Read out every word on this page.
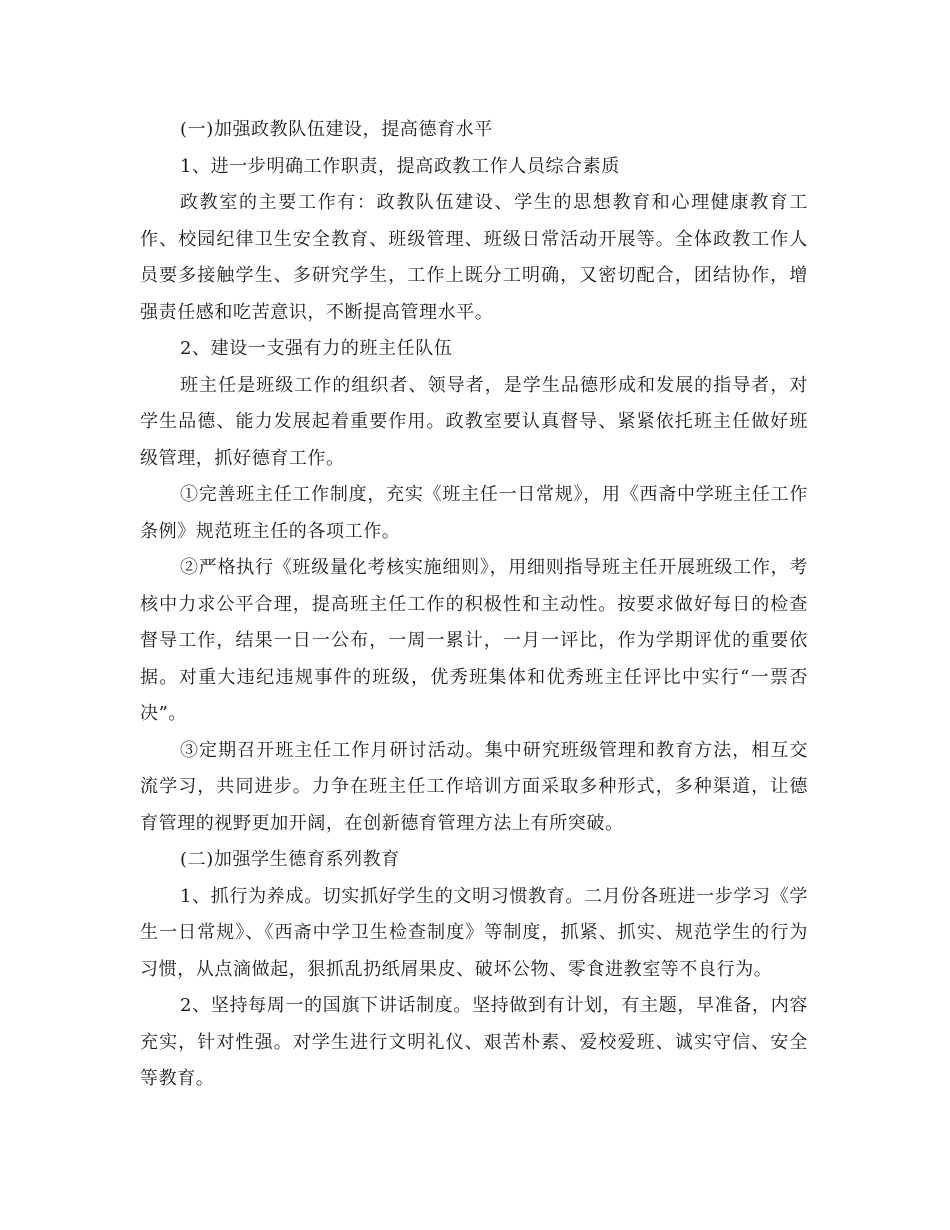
(一)加强政教队伍建设，提高德育水平

1、进一步明确工作职责，提高政教工作人员综合素质

政教室的主要工作有：政教队伍建设、学生的思想教育和心理健康教育工作、校园纪律卫生安全教育、班级管理、班级日常活动开展等。全体政教工作人员要多接触学生、多研究学生，工作上既分工明确，又密切配合，团结协作，增强责任感和吃苦意识，不断提高管理水平。

2、建设一支强有力的班主任队伍

班主任是班级工作的组织者、领导者，是学生品德形成和发展的指导者，对学生品德、能力发展起着重要作用。政教室要认真督导、紧紧依托班主任做好班级管理，抓好德育工作。

①完善班主任工作制度，充实《班主任一日常规》，用《西斋中学班主任工作条例》规范班主任的各项工作。

②严格执行《班级量化考核实施细则》，用细则指导班主任开展班级工作，考核中力求公平合理，提高班主任工作的积极性和主动性。按要求做好每日的检查督导工作，结果一日一公布，一周一累计，一月一评比，作为学期评优的重要依据。对重大违纪违规事件的班级，优秀班集体和优秀班主任评比中实行“一票否决”。

③定期召开班主任工作月研讨活动。集中研究班级管理和教育方法，相互交流学习，共同进步。力争在班主任工作培训方面采取多种形式，多种渠道，让德育管理的视野更加开阔，在创新德育管理方法上有所突破。

(二)加强学生德育系列教育

1、抓行为养成。切实抓好学生的文明习惯教育。二月份各班进一步学习《学生一日常规》、《西斋中学卫生检查制度》等制度，抓紧、抓实、规范学生的行为习惯，从点滴做起，狠抓乱扔纸屑果皮、破坏公物、零食进教室等不良行为。

2、坚持每周一的国旗下讲话制度。坚持做到有计划，有主题，早准备，内容充实，针对性强。对学生进行文明礼仪、艰苦朴素、爱校爱班、诚实守信、安全等教育。
